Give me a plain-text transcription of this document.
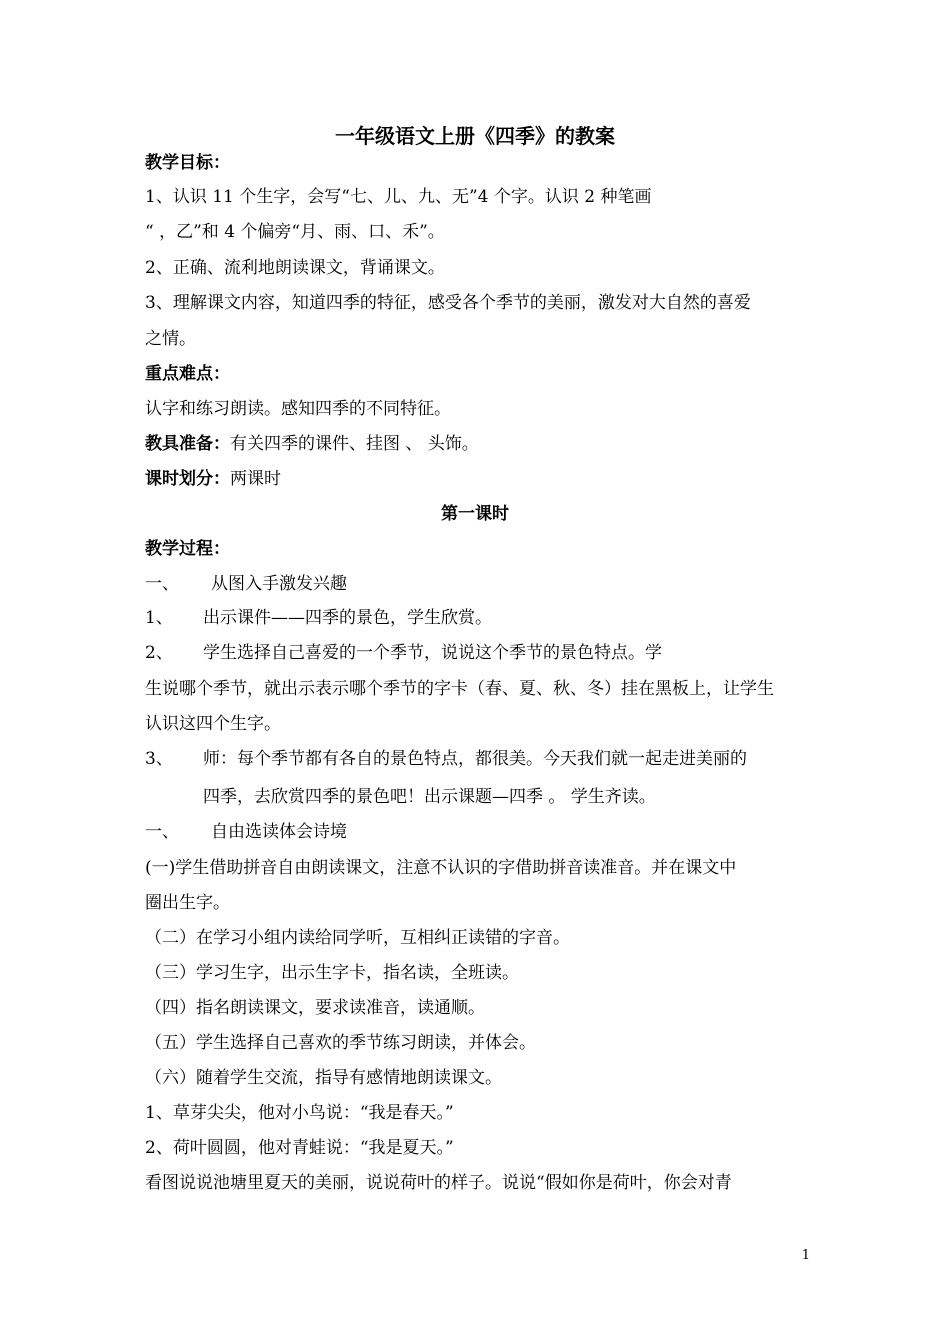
一年级语文上册《四季》的教案
教学目标：
1、认识 11 个生字，会写“七、儿、九、无”4 个字。认识 2 种笔画
“ ，乙”和 4 个偏旁“月、雨、口、禾”。
2、正确、流利地朗读课文，背诵课文。
3、理解课文内容，知道四季的特征，感受各个季节的美丽，激发对大自然的喜爱
之情。
重点难点：
认字和练习朗读。感知四季的不同特征。
教具准备：有关四季的课件、挂图 、 头饰。
课时划分：两课时
第一课时
教学过程：
一、 从图入手激发兴趣
1、 出示课件——四季的景色，学生欣赏。
2、 学生选择自己喜爱的一个季节，说说这个季节的景色特点。学
生说哪个季节，就出示表示哪个季节的字卡（春、夏、秋、冬）挂在黑板上，让学生
认识这四个生字。
3、 师：每个季节都有各自的景色特点，都很美。今天我们就一起走进美丽的
四季，去欣赏四季的景色吧！出示课题—四季 。 学生齐读。
一、 自由选读体会诗境
(一)学生借助拼音自由朗读课文，注意不认识的字借助拼音读准音。并在课文中
圈出生字。
（二）在学习小组内读给同学听，互相纠正读错的字音。
（三）学习生字，出示生字卡，指名读，全班读。
（四）指名朗读课文，要求读准音，读通顺。
（五）学生选择自己喜欢的季节练习朗读，并体会。
（六）随着学生交流，指导有感情地朗读课文。
1、草芽尖尖，他对小鸟说：“我是春天。”
2、荷叶圆圆，他对青蛙说：“我是夏天。”
看图说说池塘里夏天的美丽，说说荷叶的样子。说说“假如你是荷叶，你会对青
1
